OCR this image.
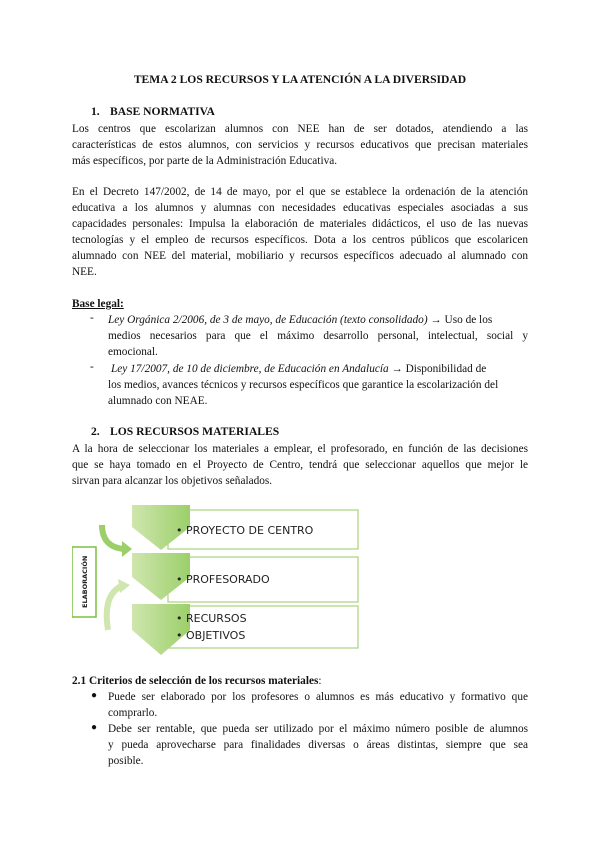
TEMA 2 LOS RECURSOS Y LA ATENCIÓN A LA DIVERSIDAD
1. BASE NORMATIVA
Los centros que escolarizan alumnos con NEE han de ser dotados, atendiendo a las
características de estos alumnos, con servicios y recursos educativos que precisan materiales
más específicos, por parte de la Administración Educativa.
En el Decreto 147/2002, de 14 de mayo, por el que se establece la ordenación de la atención
educativa a los alumnos y alumnas con necesidades educativas especiales asociadas a sus
capacidades personales: Impulsa la elaboración de materiales didácticos, el uso de las nuevas
tecnologías y el empleo de recursos específicos. Dota a los centros públicos que escolaricen
alumnado con NEE del material, mobiliario y recursos específicos adecuado al alumnado con
NEE.
Base legal:
- Ley Orgánica 2/2006, de 3 de mayo, de Educación (texto consolidado) → Uso de los
medios necesarios para que el máximo desarrollo personal, intelectual, social y
emocional.
- Ley 17/2007, de 10 de diciembre, de Educación en Andalucía → Disponibilidad de
los medios, avances técnicos y recursos específicos que garantice la escolarización del
alumnado con NEAE.
2. LOS RECURSOS MATERIALES
A la hora de seleccionar los materiales a emplear, el profesorado, en función de las decisiones
que se haya tomado en el Proyecto de Centro, tendrá que seleccionar aquellos que mejor le
sirvan para alcanzar los objetivos señalados.
ELABORACIÓN
• PROYECTO DE CENTRO
• PROFESORADO
• RECURSOS
• OBJETIVOS
2.1 Criterios de selección de los recursos materiales:
● Puede ser elaborado por los profesores o alumnos es más educativo y formativo que
comprarlo.
● Debe ser rentable, que pueda ser utilizado por el máximo número posible de alumnos
y pueda aprovecharse para finalidades diversas o áreas distintas, siempre que sea
posible.
